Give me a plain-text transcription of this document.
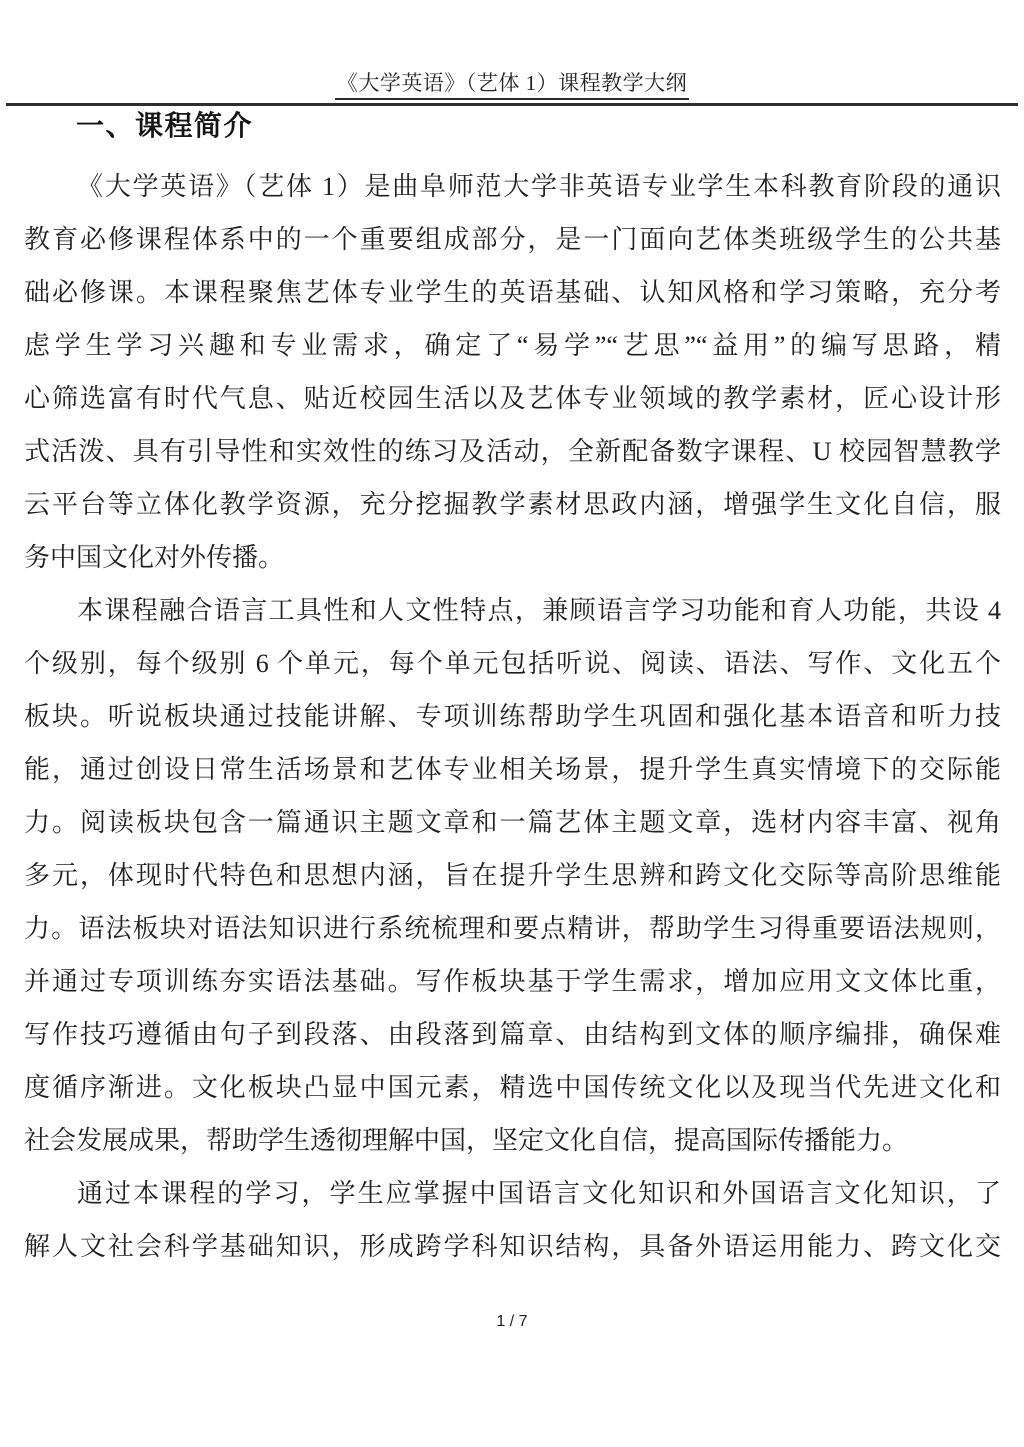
《大学英语》（艺体 1）课程教学大纲
一、课程简介
《大学英语》（艺体 1）是曲阜师范大学非英语专业学生本科教育阶段的通识
教育必修课程体系中的一个重要组成部分，是一门面向艺体类班级学生的公共基
础必修课。本课程聚焦艺体专业学生的英语基础、认知风格和学习策略，充分考
虑学生学习兴趣和专业需求，确定了“易学”“艺思”“益用”的编写思路，精
心筛选富有时代气息、贴近校园生活以及艺体专业领域的教学素材，匠心设计形
式活泼、具有引导性和实效性的练习及活动，全新配备数字课程、U 校园智慧教学
云平台等立体化教学资源，充分挖掘教学素材思政内涵，增强学生文化自信，服
务中国文化对外传播。
本课程融合语言工具性和人文性特点，兼顾语言学习功能和育人功能，共设 4
个级别，每个级别 6 个单元，每个单元包括听说、阅读、语法、写作、文化五个
板块。听说板块通过技能讲解、专项训练帮助学生巩固和强化基本语音和听力技
能，通过创设日常生活场景和艺体专业相关场景，提升学生真实情境下的交际能
力。阅读板块包含一篇通识主题文章和一篇艺体主题文章，选材内容丰富、视角
多元，体现时代特色和思想内涵，旨在提升学生思辨和跨文化交际等高阶思维能
力。语法板块对语法知识进行系统梳理和要点精讲，帮助学生习得重要语法规则，
并通过专项训练夯实语法基础。写作板块基于学生需求，增加应用文文体比重，
写作技巧遵循由句子到段落、由段落到篇章、由结构到文体的顺序编排，确保难
度循序渐进。文化板块凸显中国元素，精选中国传统文化以及现当代先进文化和
社会发展成果，帮助学生透彻理解中国，坚定文化自信，提高国际传播能力。
通过本课程的学习，学生应掌握中国语言文化知识和外国语言文化知识，了
解人文社会科学基础知识，形成跨学科知识结构，具备外语运用能力、跨文化交
1 / 7
